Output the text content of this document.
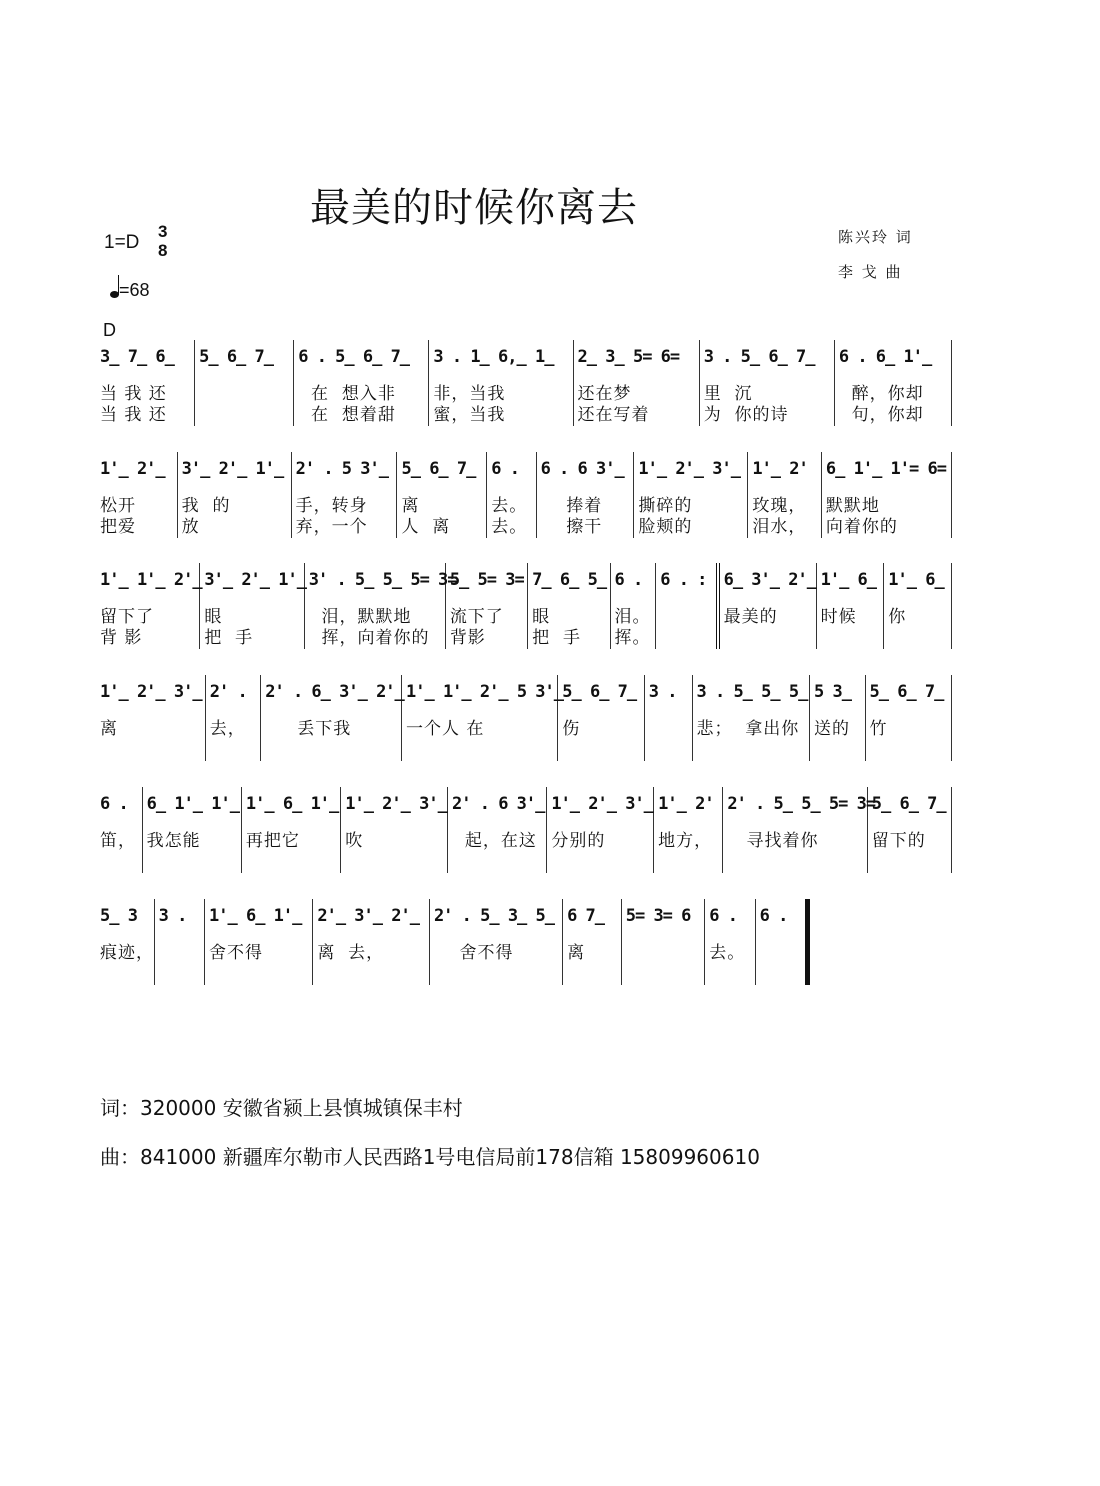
最美的时候你离去
1=D
3
8
=68
陈兴玲 词
李 戈 曲
D
3_ 7_ 6_
当 我 还
当 我 还
5_ 6_ 7_	6 . 5_ 6_ 7_
在  想入非
在  想着甜
3 . 1_ 6,_ 1_
非，当我
蜜，当我
2_ 3_ 5= 6=
还在梦
还在写着
3 . 5_ 6_ 7_
里  沉
为  你的诗
6 . 6_ 1'_
醉，你却
句，你却
1'_ 2'_
松开
把爱
3'_ 2'_ 1'_
我  的
放
2' . 5 3'_
手，转身
弃，一个
5_ 6_ 7_
离
人  离
6 .
去。
去。
6 . 6 3'_
捧着
擦干
1'_ 2'_ 3'_
撕碎的
脸颊的
1'_ 2'
玫瑰，
泪水，
6_ 1'_ 1'= 6=
默默地
向着你的
1'_ 1'_ 2'_
留下了
背 影
3'_ 2'_ 1'_
眼
把  手
3' . 5_ 5_ 5= 3=
泪，默默地
挥，向着你的
5_ 5= 3=
流下了
背影
7_ 6_ 5_
眼
把  手
6 .
泪。
挥。
6 . :	6_ 3'_ 2'_
最美的
1'_ 6_
时候
1'_ 6_
你
1'_ 2'_ 3'_
离
2' .
去，
2' . 6_ 3'_ 2'_
丢下我
1'_ 1'_ 2'_ 5 3'_
一个人 在
5_ 6_ 7_
伤
3 .	3 . 5_ 5_ 5_
悲；  拿出你
5 3_
送的
5_ 6_ 7_
竹
6 .
笛，
6_ 1'_ 1'_
我怎能
1'_ 6_ 1'_
再把它
1'_ 2'_ 3'_
吹
2' . 6 3'_
起，在这
1'_ 2'_ 3'_
分别的
1'_ 2'
地方，
2' . 5_ 5_ 5= 3=
寻找着你
5_ 6_ 7_
留下的
5_ 3
痕迹，
3 .	1'_ 6_ 1'_
舍不得
2'_ 3'_ 2'_
离  去，
2' . 5_ 3_ 5_
舍不得
6 7_
离
5= 3= 6	6 .
去。
6 .
词：320000 安徽省颍上县慎城镇保丰村
曲：841000 新疆库尔勒市人民西路1号电信局前178信箱 15809960610
